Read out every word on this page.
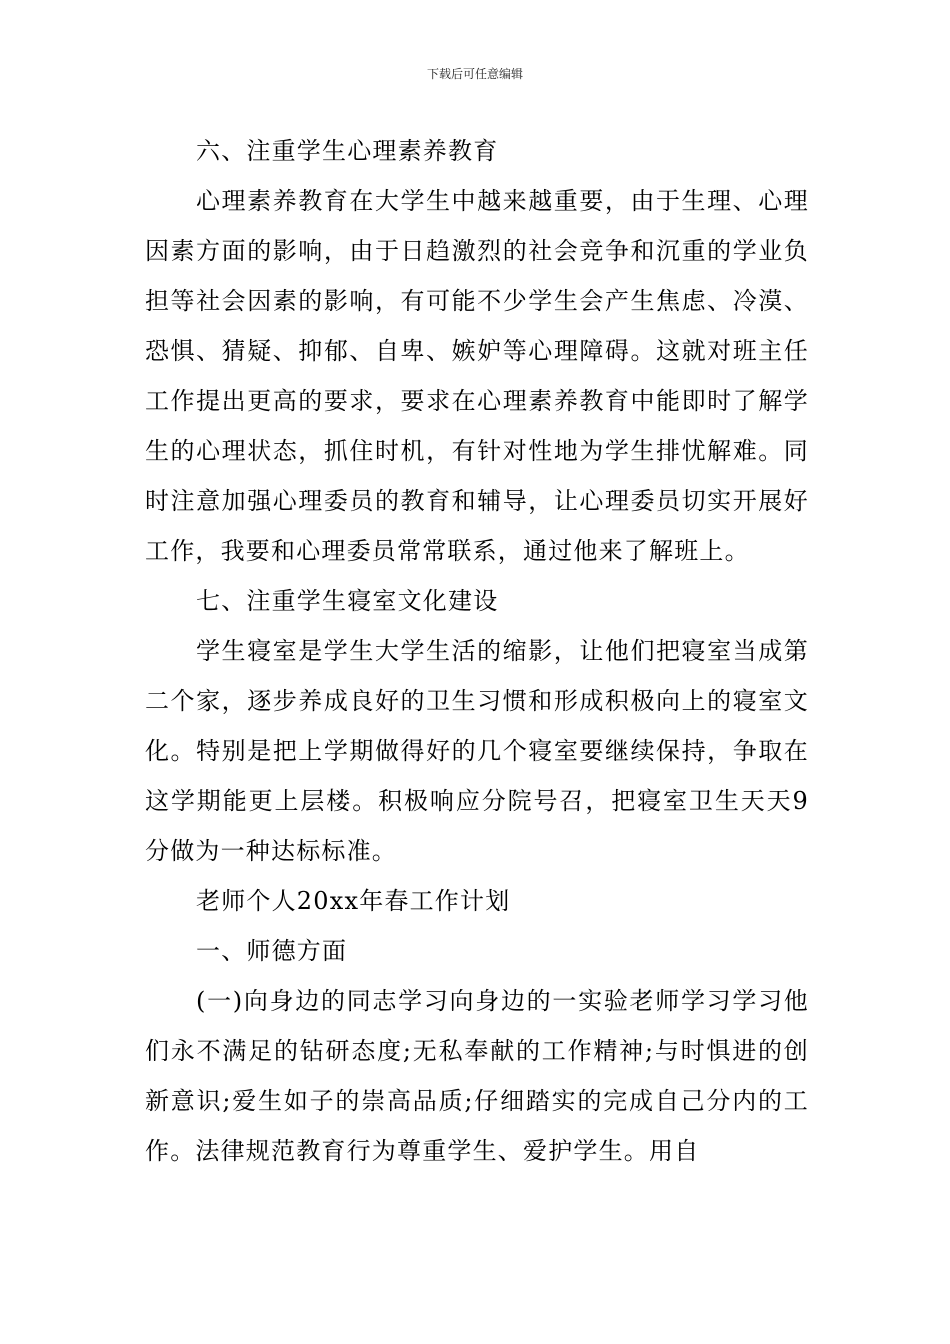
下载后可任意编辑

六、注重学生心理素养教育

心理素养教育在大学生中越来越重要，由于生理、心理因素方面的影响，由于日趋激烈的社会竞争和沉重的学业负担等社会因素的影响，有可能不少学生会产生焦虑、冷漠、恐惧、猜疑、抑郁、自卑、嫉妒等心理障碍。这就对班主任工作提出更高的要求，要求在心理素养教育中能即时了解学生的心理状态，抓住时机，有针对性地为学生排忧解难。同时注意加强心理委员的教育和辅导，让心理委员切实开展好工作，我要和心理委员常常联系，通过他来了解班上。

七、注重学生寝室文化建设

学生寝室是学生大学生活的缩影，让他们把寝室当成第二个家，逐步养成良好的卫生习惯和形成积极向上的寝室文化。特别是把上学期做得好的几个寝室要继续保持，争取在这学期能更上层楼。积极响应分院号召，把寝室卫生天天9分做为一种达标标准。

老师个人20xx年春工作计划

一、师德方面

(一)向身边的同志学习向身边的一实验老师学习学习他们永不满足的钻研态度;无私奉献的工作精神;与时惧进的创新意识;爱生如子的崇高品质;仔细踏实的完成自己分内的工作。法律规范教育行为尊重学生、爱护学生。用自
